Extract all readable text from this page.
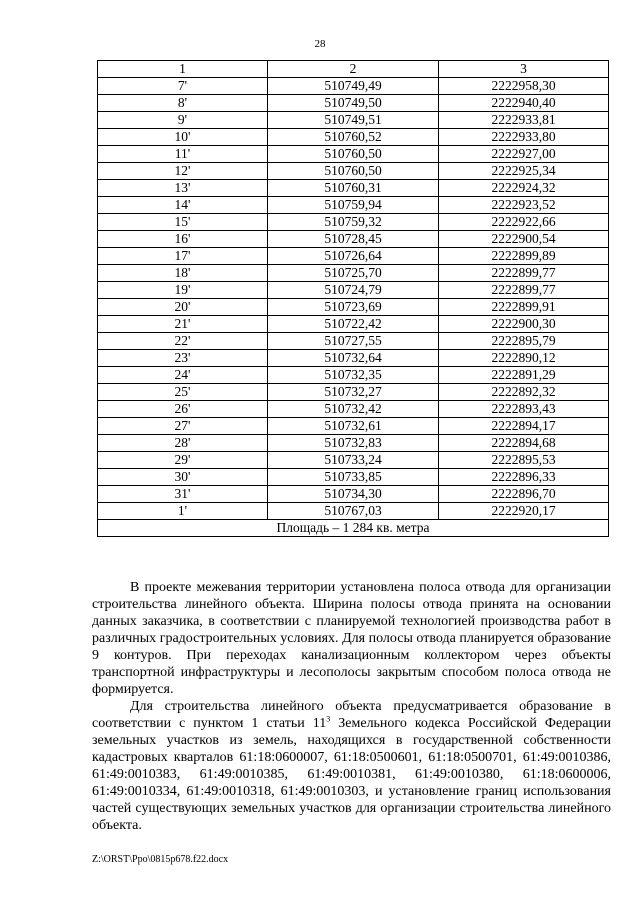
28
1	2	3
7'	510749,49	2222958,30
8'	510749,50	2222940,40
9'	510749,51	2222933,81
10'	510760,52	2222933,80
11'	510760,50	2222927,00
12'	510760,50	2222925,34
13'	510760,31	2222924,32
14'	510759,94	2222923,52
15'	510759,32	2222922,66
16'	510728,45	2222900,54
17'	510726,64	2222899,89
18'	510725,70	2222899,77
19'	510724,79	2222899,77
20'	510723,69	2222899,91
21'	510722,42	2222900,30
22'	510727,55	2222895,79
23'	510732,64	2222890,12
24'	510732,35	2222891,29
25'	510732,27	2222892,32
26'	510732,42	2222893,43
27'	510732,61	2222894,17
28'	510732,83	2222894,68
29'	510733,24	2222895,53
30'	510733,85	2222896,33
31'	510734,30	2222896,70
1'	510767,03	2222920,17
Площадь – 1 284 кв. метра		

В проекте межевания территории установлена полоса отвода для организации строительства линейного объекта. Ширина полосы отвода принята на основании данных заказчика, в соответствии с планируемой технологией производства работ в различных градостроительных условиях. Для полосы отвода планируется образование 9 контуров. При переходах канализационным коллектором через объекты транспортной инфраструктуры и лесополосы закрытым способом полоса отвода не формируется.

Для строительства линейного объекта предусматривается образование в соответствии с пунктом 1 статьи $11^3$ Земельного кодекса Российской Федерации земельных участков из земель, находящихся в государственной собственности кадастровых кварталов 61:18:0600007, 61:18:0500601, 61:18:0500701, 61:49:0010386, 61:49:0010383, 61:49:0010385, 61:49:0010381, 61:49:0010380, 61:18:0600006, 61:49:0010334, 61:49:0010318, 61:49:0010303, и установление границ использования частей существующих земельных участков для организации строительства линейного объекта.

Z:\ORST\Ppo\0815p678.f22.docx
